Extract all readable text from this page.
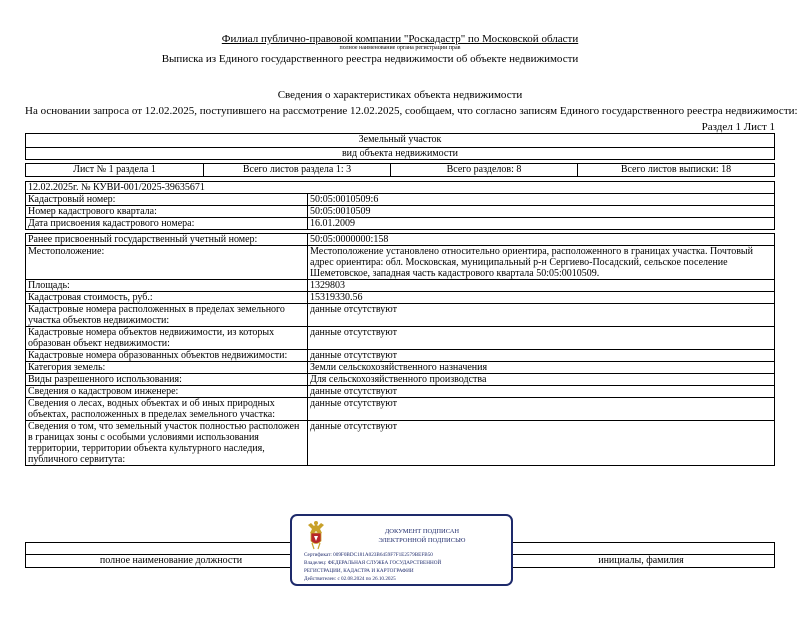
Филиал публично-правовой компании "Роскадастр" по Московской области
полное наименование органа регистрации прав
Выписка из Единого государственного реестра недвижимости об объекте недвижимости
Сведения о характеристиках объекта недвижимости
На основании запроса от 12.02.2025, поступившего на рассмотрение 12.02.2025, сообщаем, что согласно записям Единого государственного реестра недвижимости:
Раздел 1 Лист 1
Земельный участок
вид объекта недвижимости
Лист № 1 раздела 1	Всего листов раздела 1: 3	Всего разделов: 8	Всего листов выписки: 18
12.02.2025г. № КУВИ-001/2025-39635671	
Кадастровый номер:	50:05:0010509:6
Номер кадастрового квартала:	50:05:0010509
Дата присвоения кадастрового номера:	16.01.2009

Ранее присвоенный государственный учетный номер:	50:05:0000000:158
Местоположение:	Местоположение установлено относительно ориентира, расположенного в границах участка. Почтовый адрес ориентира: обл. Московская, муниципальный р-н Сергиево-Посадский, сельское поселение Шеметовское, западная часть кадастрового квартала 50:05:0010509.
Площадь:	1329803
Кадастровая стоимость, руб.:	15319330.56
Кадастровые номера расположенных в пределах земельного участка объектов недвижимости:	данные отсутствуют
Кадастровые номера объектов недвижимости, из которых образован объект недвижимости:	данные отсутствуют
Кадастровые номера образованных объектов недвижимости:	данные отсутствуют
Категория земель:	Земли сельскохозяйственного назначения
Виды разрешенного использования:	Для сельскохозяйственного производства
Сведения о кадастровом инженере:	данные отсутствуют
Сведения о лесах, водных объектах и об иных природных объектах, расположенных в пределах земельного участка:	данные отсутствуют
Сведения о том, что земельный участок полностью расположен в границах зоны с особыми условиями использования территории, территории объекта культурного наследия, публичного сервитута:	данные отсутствуют

полное наименование должности		инициалы, фамилия
ДОКУМЕНТ ПОДПИСАН
ЭЛЕКТРОННОЙ ПОДПИСЬЮ
Сертификат: 009F0BDC181A023B6459F7F1E2579BEFB50
Владелец: ФЕДЕРАЛЬНАЯ СЛУЖБА ГОСУДАРСТВЕННОЙ
РЕГИСТРАЦИИ, КАДАСТРА И КАРТОГРАФИИ
Действителен: с 02.08.2024 по 26.10.2025
